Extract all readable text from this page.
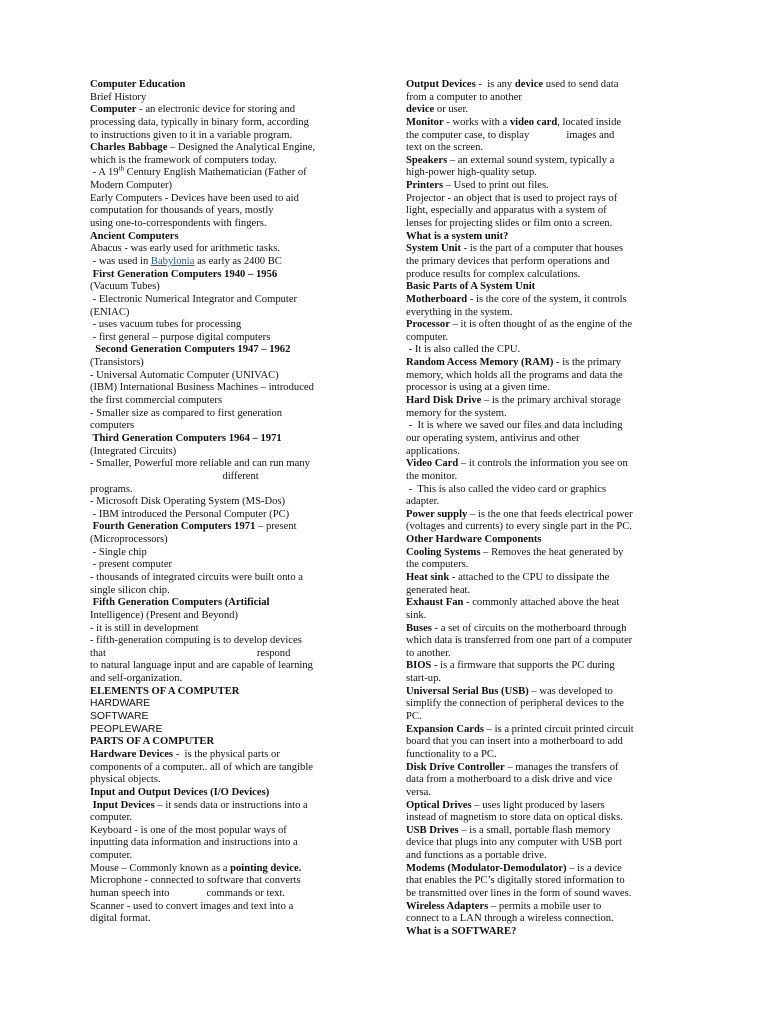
Computer Education
Brief History
Computer - an electronic device for storing and
processing data, typically in binary form, according
to instructions given to it in a variable program.
Charles Babbage – Designed the Analytical Engine,
which is the framework of computers today.
- A 19th Century English Mathematician (Father of
Modern Computer)
Early Computers - Devices have been used to aid
computation for thousands of years, mostly
using one-to-correspondents with fingers.
Ancient Computers
Abacus - was early used for arithmetic tasks.
- was used in Babylonia as early as 2400 BC
First Generation Computers 1940 – 1956
(Vacuum Tubes)
- Electronic Numerical Integrator and Computer
(ENIAC)
- uses vacuum tubes for processing
- first general – purpose digital computers
Second Generation Computers 1947 – 1962
(Transistors)
- Universal Automatic Computer (UNIVAC)
(IBM) International Business Machines – introduced
the first commercial computers
- Smaller size as compared to first generation
computers
Third Generation Computers 1964 – 1971
(Integrated Circuits)
- Smaller, Powerful more reliable and can run many
different
programs.
- Microsoft Disk Operating System (MS-Dos)
- IBM introduced the Personal Computer (PC)
Fourth Generation Computers 1971 – present
(Microprocessors)
- Single chip
- present computer
- thousands of integrated circuits were built onto a
single silicon chip.
Fifth Generation Computers (Artificial
Intelligence) (Present and Beyond)
- it is still in development
- fifth-generation computing is to develop devices
that                                                         respond
to natural language input and are capable of learning
and self-organization.
ELEMENTS OF A COMPUTER
HARDWARE
SOFTWARE
PEOPLEWARE
PARTS OF A COMPUTER
Hardware Devices -  is the physical parts or
components of a computer.. all of which are tangible
physical objects.
Input and Output Devices (I/O Devices)
Input Devices – it sends data or instructions into a
computer.
Keyboard - is one of the most popular ways of
inputting data information and instructions into a
computer.
Mouse – Commonly known as a pointing device.
Microphone - connected to software that converts
human speech into              commands or text.
Scanner - used to convert images and text into a
digital format.
Output Devices -  is any device used to send data
from a computer to another
device or user.
Monitor - works with a video card, located inside
the computer case, to display              images and
text on the screen.
Speakers – an external sound system, typically a
high-power high-quality setup.
Printers – Used to print out files.
Projector - an object that is used to project rays of
light, especially and apparatus with a system of
lenses for projecting slides or film onto a screen.
What is a system unit?
System Unit - is the part of a computer that houses
the primary devices that perform operations and
produce results for complex calculations.
Basic Parts of A System Unit
Motherboard - is the core of the system, it controls
everything in the system.
Processor – it is often thought of as the engine of the
computer.
- It is also called the CPU.
Random Access Memory (RAM) - is the primary
memory, which holds all the programs and data the
processor is using at a given time.
Hard Disk Drive – is the primary archival storage
memory for the system.
-  It is where we saved our files and data including
our operating system, antivirus and other
applications.
Video Card – it controls the information you see on
the monitor.
-  This is also called the video card or graphics
adapter.
Power supply – is the one that feeds electrical power
(voltages and currents) to every single part in the PC.
Other Hardware Components
Cooling Systems – Removes the heat generated by
the computers.
Heat sink - attached to the CPU to dissipate the
generated heat.
Exhaust Fan - commonly attached above the heat
sink.
Buses - a set of circuits on the motherboard through
which data is transferred from one part of a computer
to another.
BIOS - is a firmware that supports the PC during
start-up.
Universal Serial Bus (USB) – was developed to
simplify the connection of peripheral devices to the
PC.
Expansion Cards – is a printed circuit printed circuit
board that you can insert into a motherboard to add
functionality to a PC.
Disk Drive Controller – manages the transfers of
data from a motherboard to a disk drive and vice
versa.
Optical Drives – uses light produced by lasers
instead of magnetism to store data on optical disks.
USB Drives – is a small, portable flash memory
device that plugs into any computer with USB port
and functions as a portable drive.
Modems (Modulator-Demodulator) – is a device
that enables the PC’s digitally stored information to
be transmitted over lines in the form of sound waves.
Wireless Adapters – permits a mobile user to
connect to a LAN through a wireless connection.
What is a SOFTWARE?
